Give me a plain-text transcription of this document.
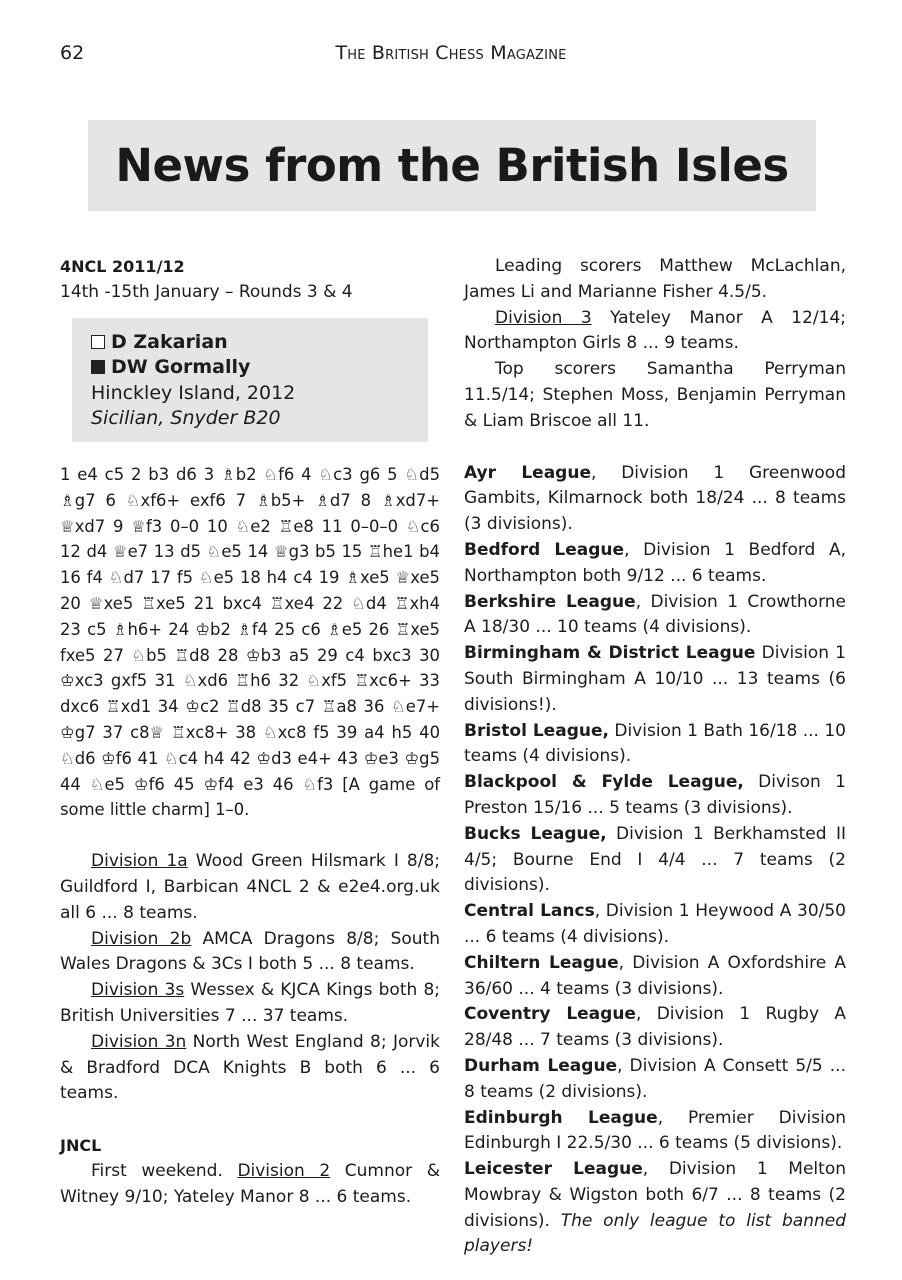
62	The British Chess Magazine
News from the British Isles

4NCL 2011/12

14th -15th January – Rounds 3 & 4

D Zakarian
DW Gormally
Hinckley Island, 2012
Sicilian, Snyder B20

1 e4 c5 2 b3 d6 3 ♗b2 ♘f6 4 ♘c3 g6 5 ♘d5 ♗g7 6 ♘xf6+ exf6 7 ♗b5+ ♗d7 8 ♗xd7+ ♕xd7 9 ♕f3 0–0 10 ♘e2 ♖e8 11 0–0–0 ♘c6 12 d4 ♕e7 13 d5 ♘e5 14 ♕g3 b5 15 ♖he1 b4 16 f4 ♘d7 17 f5 ♘e5 18 h4 c4 19 ♗xe5 ♕xe5 20 ♕xe5 ♖xe5 21 bxc4 ♖xe4 22 ♘d4 ♖xh4 23 c5 ♗h6+ 24 ♔b2 ♗f4 25 c6 ♗e5 26 ♖xe5 fxe5 27 ♘b5 ♖d8 28 ♔b3 a5 29 c4 bxc3 30 ♔xc3 gxf5 31 ♘xd6 ♖h6 32 ♘xf5 ♖xc6+ 33 dxc6 ♖xd1 34 ♔c2 ♖d8 35 c7 ♖a8 36 ♘e7+ ♔g7 37 c8♕ ♖xc8+ 38 ♘xc8 f5 39 a4 h5 40 ♘d6 ♔f6 41 ♘c4 h4 42 ♔d3 e4+ 43 ♔e3 ♔g5 44 ♘e5 ♔f6 45 ♔f4 e3 46 ♘f3 [A game of some little charm] 1–0.

Division 1a Wood Green Hilsmark I 8/8; Guildford I, Barbican 4NCL 2 & e2e4.org.uk all 6 ... 8 teams.

Division 2b AMCA Dragons 8/8; South Wales Dragons & 3Cs I both 5 ... 8 teams.

Division 3s Wessex & KJCA Kings both 8; British Universities 7 ... 37 teams.

Division 3n North West England 8; Jorvik & Bradford DCA Knights B both 6 ... 6 teams.

JNCL

First weekend. Division 2 Cumnor & Witney 9/10; Yateley Manor 8 ... 6 teams.

Leading scorers Matthew McLachlan, James Li and Marianne Fisher 4.5/5.

Division 3 Yateley Manor A 12/14; Northampton Girls 8 ... 9 teams.

Top scorers Samantha Perryman 11.5/14; Stephen Moss, Benjamin Perryman & Liam Briscoe all 11.

Ayr League, Division 1 Greenwood Gambits, Kilmarnock both 18/24 ... 8 teams (3 divisions).

Bedford League, Division 1 Bedford A, Northampton both 9/12 ... 6 teams.

Berkshire League, Division 1 Crowthorne A 18/30 ... 10 teams (4 divisions).

Birmingham & District League Division 1 South Birmingham A 10/10 ... 13 teams (6 divisions!).

Bristol League, Division 1 Bath 16/18 ... 10 teams (4 divisions).

Blackpool & Fylde League, Divison 1 Preston 15/16 ... 5 teams (3 divisions).

Bucks League, Division 1 Berkhamsted II 4/5; Bourne End I 4/4 ... 7 teams (2 divisions).

Central Lancs, Division 1 Heywood A 30/50 ... 6 teams (4 divisions).

Chiltern League, Division A Oxfordshire A 36/60 ... 4 teams (3 divisions).

Coventry League, Division 1 Rugby A 28/48 ... 7 teams (3 divisions).

Durham League, Division A Consett 5/5 ... 8 teams (2 divisions).

Edinburgh League, Premier Division Edinburgh I 22.5/30 ... 6 teams (5 divisions).

Leicester League, Division 1 Melton Mowbray & Wigston both 6/7 ... 8 teams (2 divisions). The only league to list banned players!
